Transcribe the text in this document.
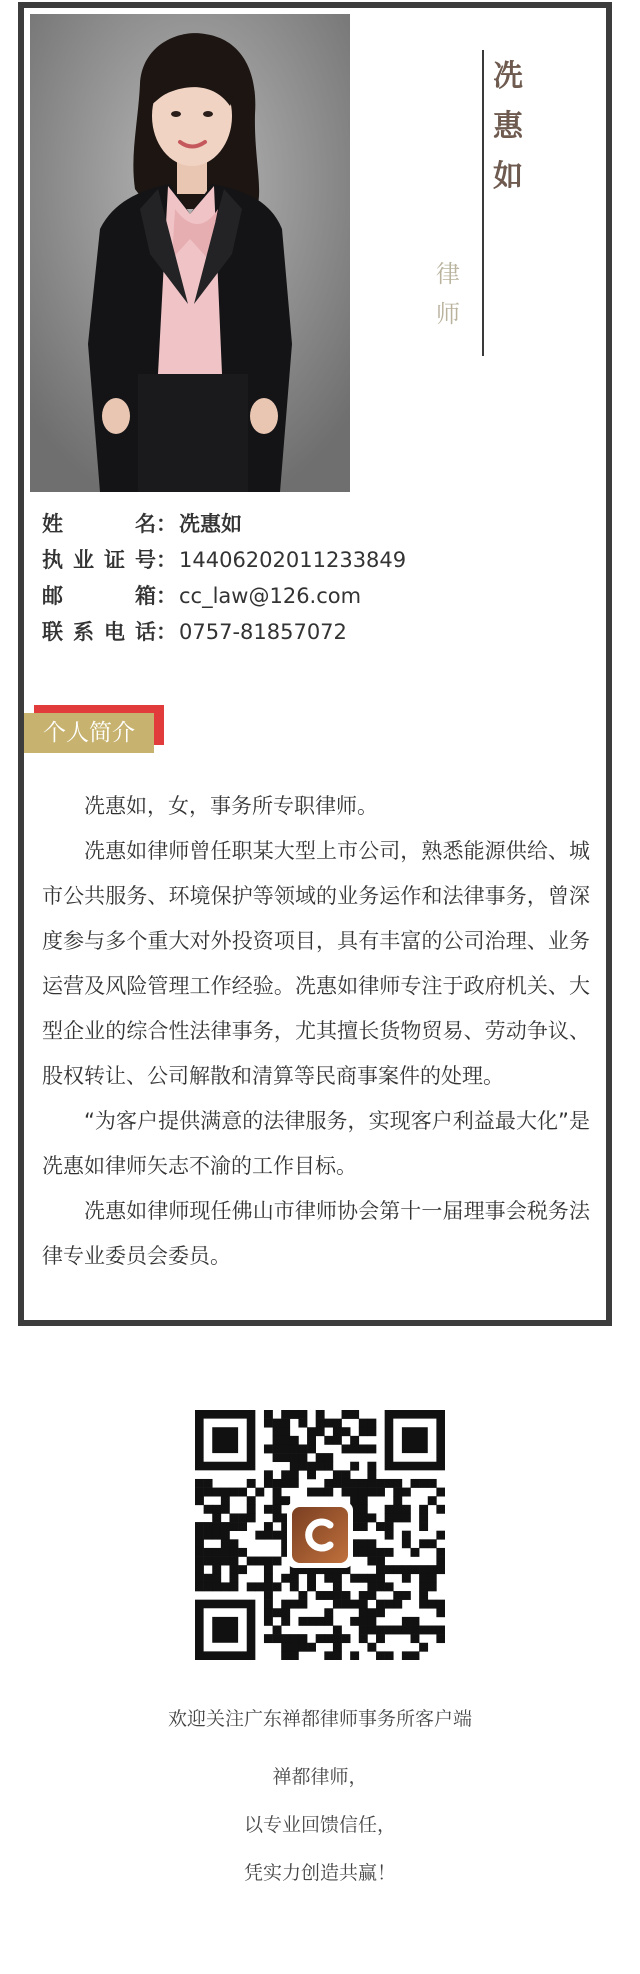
冼
惠
如
律
师
姓名 ： 冼惠如
执业证号 ： 14406202011233849
邮箱 ： cc_law@126.com
联系电话 ： 0757-81857072
个人简介

冼惠如，女，事务所专职律师。

冼惠如律师曾任职某大型上市公司，熟悉能源供给、城市公共服务、环境保护等领域的业务运作和法律事务，曾深度参与多个重大对外投资项目，具有丰富的公司治理、业务运营及风险管理工作经验。冼惠如律师专注于政府机关、大型企业的综合性法律事务，尤其擅长货物贸易、劳动争议、股权转让、公司解散和清算等民商事案件的处理。

“为客户提供满意的法律服务，实现客户利益最大化”是冼惠如律师矢志不渝的工作目标。

冼惠如律师现任佛山市律师协会第十一届理事会税务法律专业委员会委员。

欢迎关注广东禅都律师事务所客户端
禅都律师，
以专业回馈信任，
凭实力创造共赢！
